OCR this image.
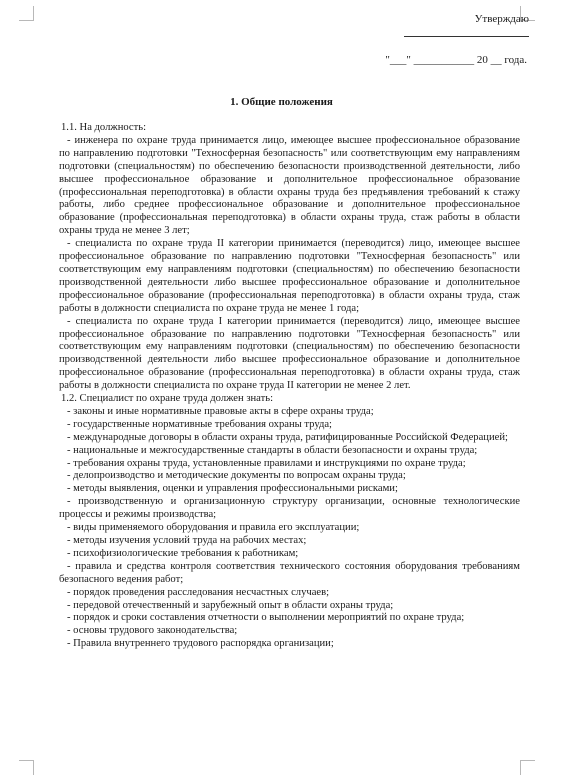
Утверждаю
"___" ___________ 20 __ года.
1. Общие положения

1.1. На должность:

- инженера по охране труда принимается лицо, имеющее высшее профессиональное образование по направлению подготовки "Техносферная безопасность" или соответствующим ему направлениям подготовки (специальностям) по обеспечению безопасности производственной деятельности, либо высшее профессиональное образование и дополнительное профессиональное образование (профессиональная переподготовка) в области охраны труда без предъявления требований к стажу работы, либо среднее профессиональное образование и дополнительное профессиональное образование (профессиональная переподготовка) в области охраны труда, стаж работы в области охраны труда не менее 3 лет;

- специалиста по охране труда II категории принимается (переводится) лицо, имеющее высшее профессиональное образование по направлению подготовки "Техносферная безопасность" или соответствующим ему направлениям подготовки (специальностям) по обеспечению безопасности производственной деятельности либо высшее профессиональное образование и дополнительное профессиональное образование (профессиональная переподготовка) в области охраны труда, стаж работы в должности специалиста по охране труда не менее 1 года;

- специалиста по охране труда I категории принимается (переводится) лицо, имеющее высшее профессиональное образование по направлению подготовки "Техносферная безопасность" или соответствующим ему направлениям подготовки (специальностям) по обеспечению безопасности производственной деятельности либо высшее профессиональное образование и дополнительное профессиональное образование (профессиональная переподготовка) в области охраны труда, стаж работы в должности специалиста по охране труда II категории не менее 2 лет.

1.2. Специалист по охране труда должен знать:

- законы и иные нормативные правовые акты в сфере охраны труда;

- государственные нормативные требования охраны труда;

- международные договоры в области охраны труда, ратифицированные Российской Федерацией;

- национальные и межгосударственные стандарты в области безопасности и охраны труда;

- требования охраны труда, установленные правилами и инструкциями по охране труда;

- делопроизводство и методические документы по вопросам охраны труда;

- методы выявления, оценки и управления профессиональными рисками;

- производственную и организационную структуру организации, основные технологические процессы и режимы производства;

- виды применяемого оборудования и правила его эксплуатации;

- методы изучения условий труда на рабочих местах;

- психофизиологические требования к работникам;

- правила и средства контроля соответствия технического состояния оборудования требованиям безопасного ведения работ;

- порядок проведения расследования несчастных случаев;

- передовой отечественный и зарубежный опыт в области охраны труда;

- порядок и сроки составления отчетности о выполнении мероприятий по охране труда;

- основы трудового законодательства;

- Правила внутреннего трудового распорядка организации;
